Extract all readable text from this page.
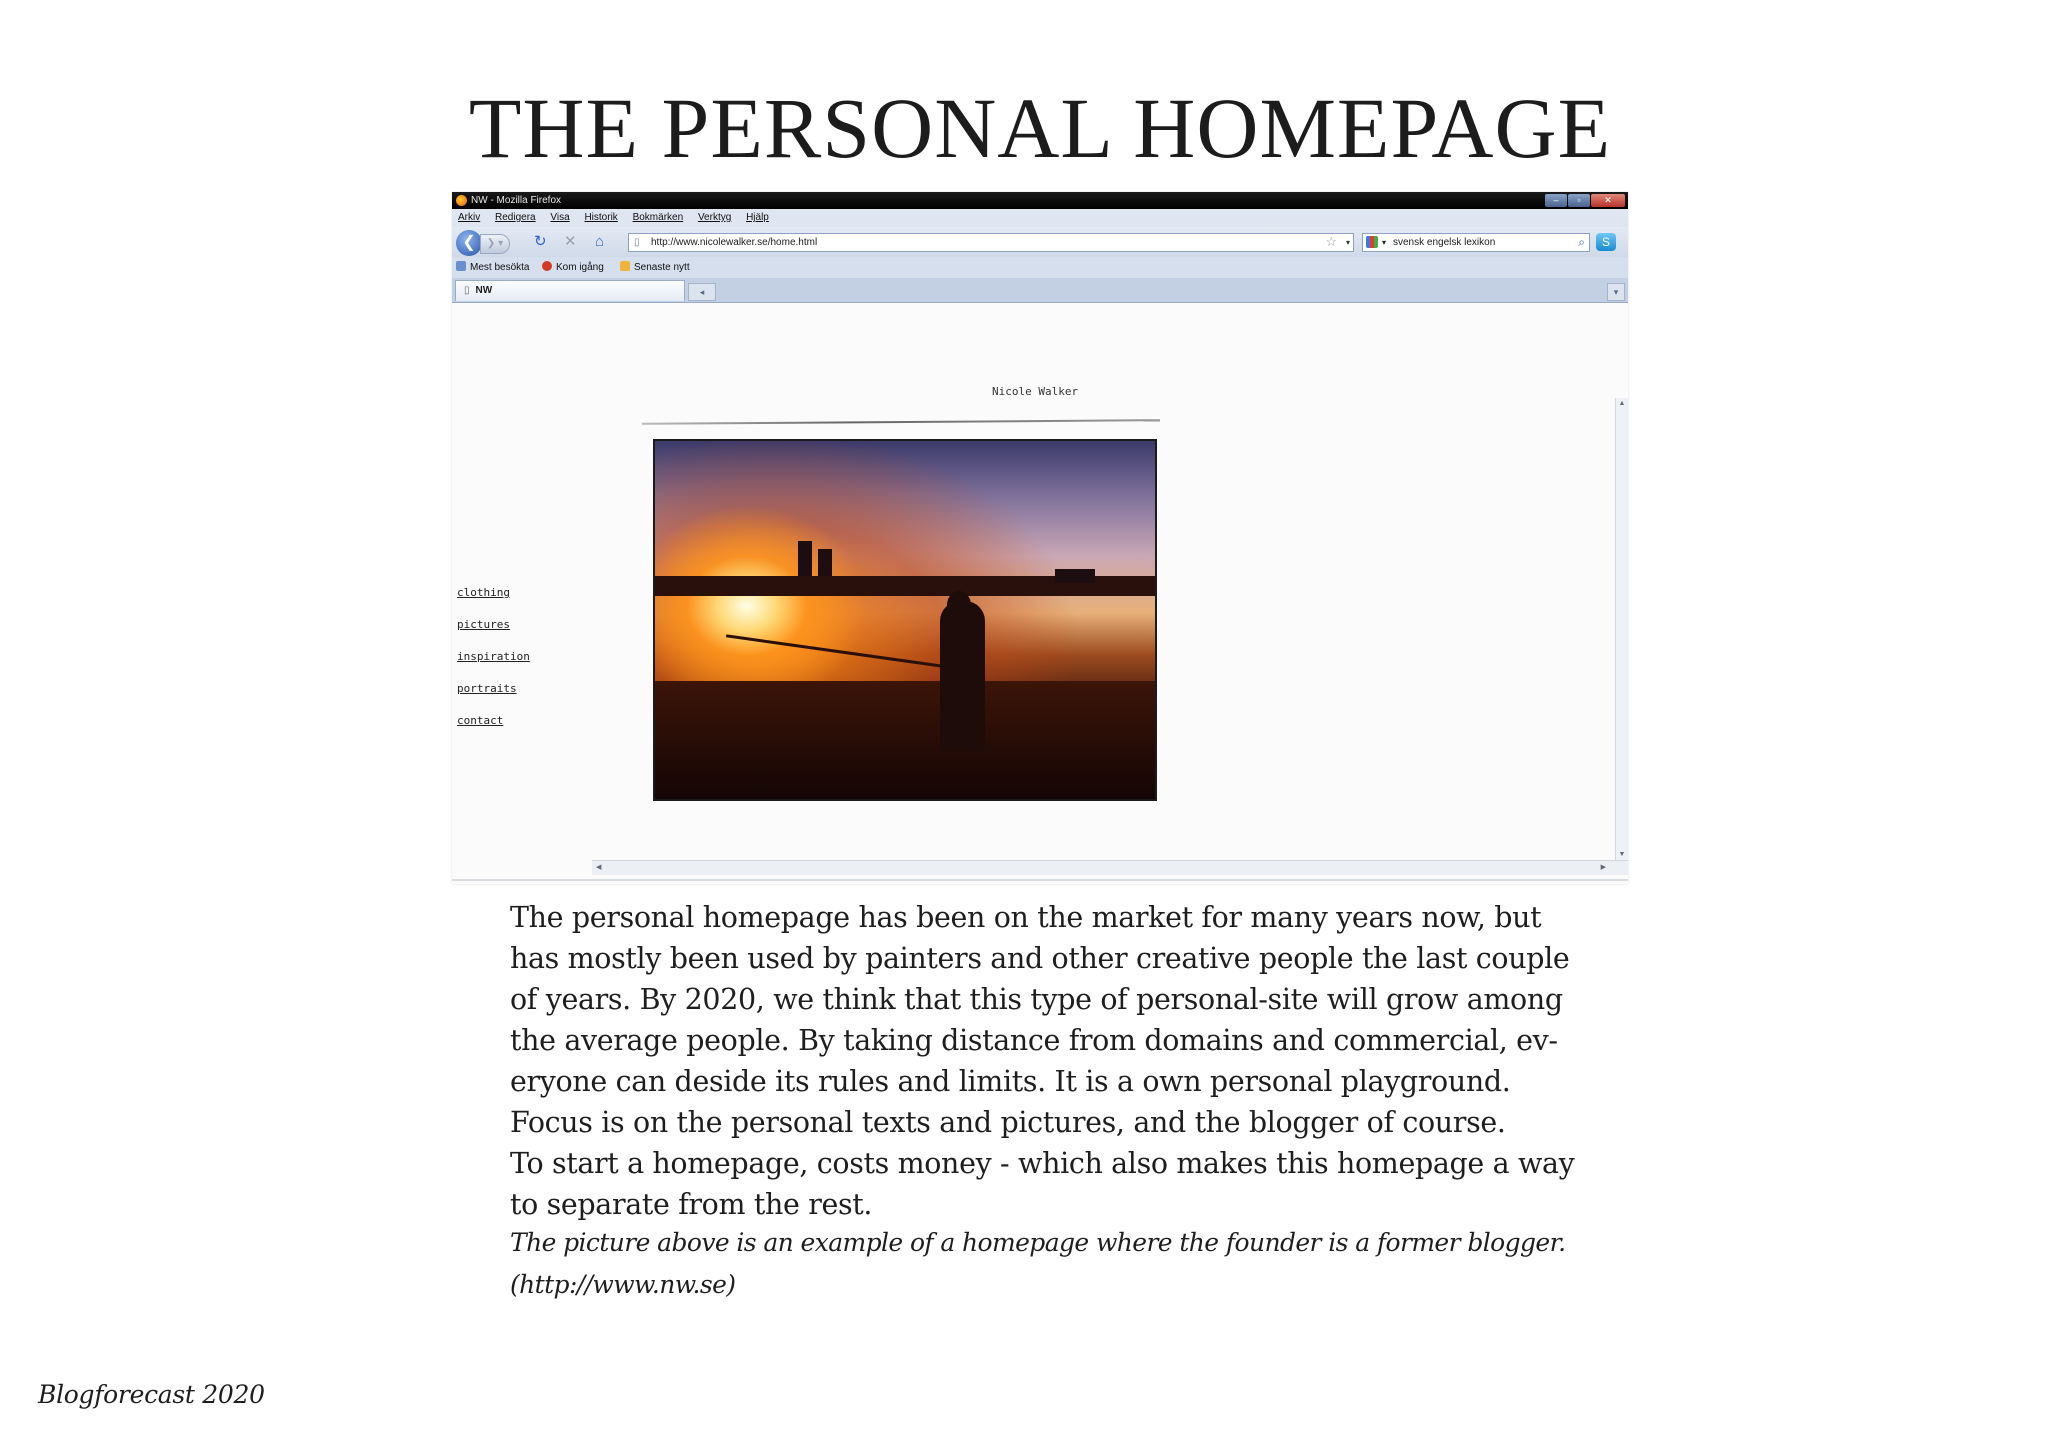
THE PERSONAL HOMEPAGE
NW - Mozilla Firefox	–	▫	✕
Arkiv Redigera Visa Historik Bokmärken Verktyg Hjälp
❮	❯ ▾	↻ ✕ ⌂	▯ http://www.nicolewalker.se/home.html	☆ ▾	▾ svensk engelsk lexikon	⌕	S
Mest besökta	Kom igång	Senaste nytt
▯ NW	◂	▾
Nicole Walker
clothing
pictures
inspiration
portraits
contact
▲
▼
◀	▶
The personal homepage has been on the market for many years now, but
has mostly been used by painters and other creative people the last couple
of years. By 2020, we think that this type of personal-site will grow among
the average people. By taking distance from domains and commercial, ev-
eryone can deside its rules and limits. It is a own personal playground.
Focus is on the personal texts and pictures, and the blogger of course.
To start a homepage, costs money - which also makes this homepage a way
to separate from the rest.
The picture above is an example of a homepage where the founder is a former blogger.
(http://www.nw.se)
Blogforecast 2020
